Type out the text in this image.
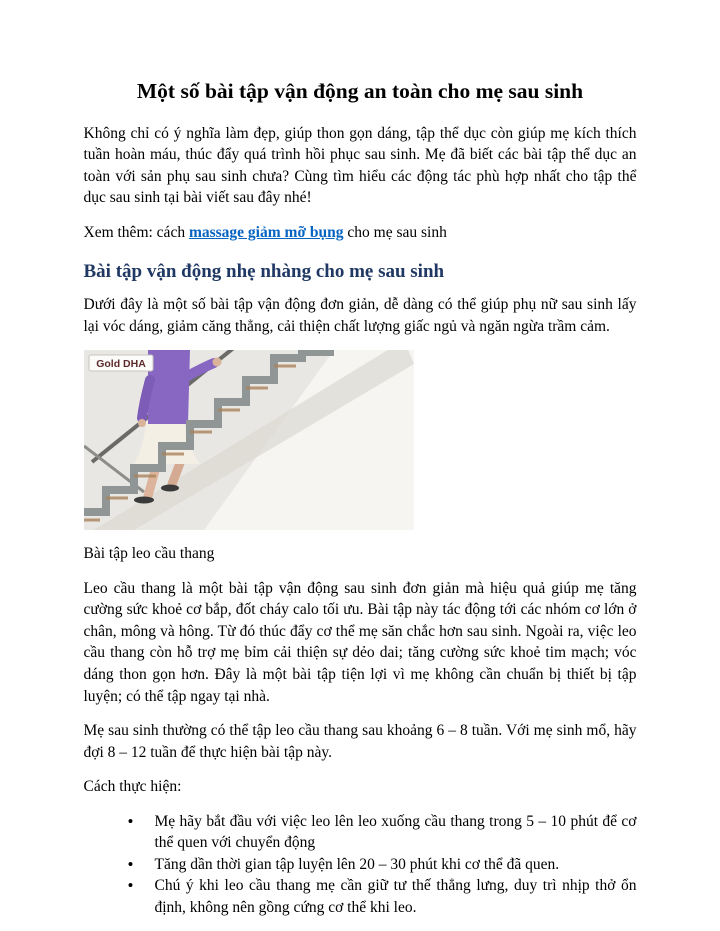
Một số bài tập vận động an toàn cho mẹ sau sinh

Không chỉ có ý nghĩa làm đẹp, giúp thon gọn dáng, tập thể dục còn giúp mẹ kích thích tuần hoàn máu, thúc đẩy quá trình hồi phục sau sinh. Mẹ đã biết các bài tập thể dục an toàn với sản phụ sau sinh chưa? Cùng tìm hiểu các động tác phù hợp nhất cho tập thể dục sau sinh tại bài viết sau đây nhé!

Xem thêm: cách massage giảm mỡ bụng cho mẹ sau sinh

Bài tập vận động nhẹ nhàng cho mẹ sau sinh

Dưới đây là một số bài tập vận động đơn giản, dễ dàng có thể giúp phụ nữ sau sinh lấy lại vóc dáng, giảm căng thẳng, cải thiện chất lượng giấc ngủ và ngăn ngừa trầm cảm.

Gold DHA

Bài tập leo cầu thang

Leo cầu thang là một bài tập vận động sau sinh đơn giản mà hiệu quả giúp mẹ tăng cường sức khoẻ cơ bắp, đốt cháy calo tối ưu. Bài tập này tác động tới các nhóm cơ lớn ở chân, mông và hông. Từ đó thúc đẩy cơ thể mẹ săn chắc hơn sau sinh. Ngoài ra, việc leo cầu thang còn hỗ trợ mẹ bỉm cải thiện sự dẻo dai; tăng cường sức khoẻ tim mạch; vóc dáng thon gọn hơn. Đây là một bài tập tiện lợi vì mẹ không cần chuẩn bị thiết bị tập luyện; có thể tập ngay tại nhà.

Mẹ sau sinh thường có thể tập leo cầu thang sau khoảng 6 – 8 tuần. Với mẹ sinh mổ, hãy đợi 8 – 12 tuần để thực hiện bài tập này.

Cách thực hiện:

• Mẹ hãy bắt đầu với việc leo lên leo xuống cầu thang trong 5 – 10 phút để cơ thể quen với chuyển động
• Tăng dần thời gian tập luyện lên 20 – 30 phút khi cơ thể đã quen.
• Chú ý khi leo cầu thang mẹ cần giữ tư thế thẳng lưng, duy trì nhịp thở ổn định, không nên gồng cứng cơ thể khi leo.
